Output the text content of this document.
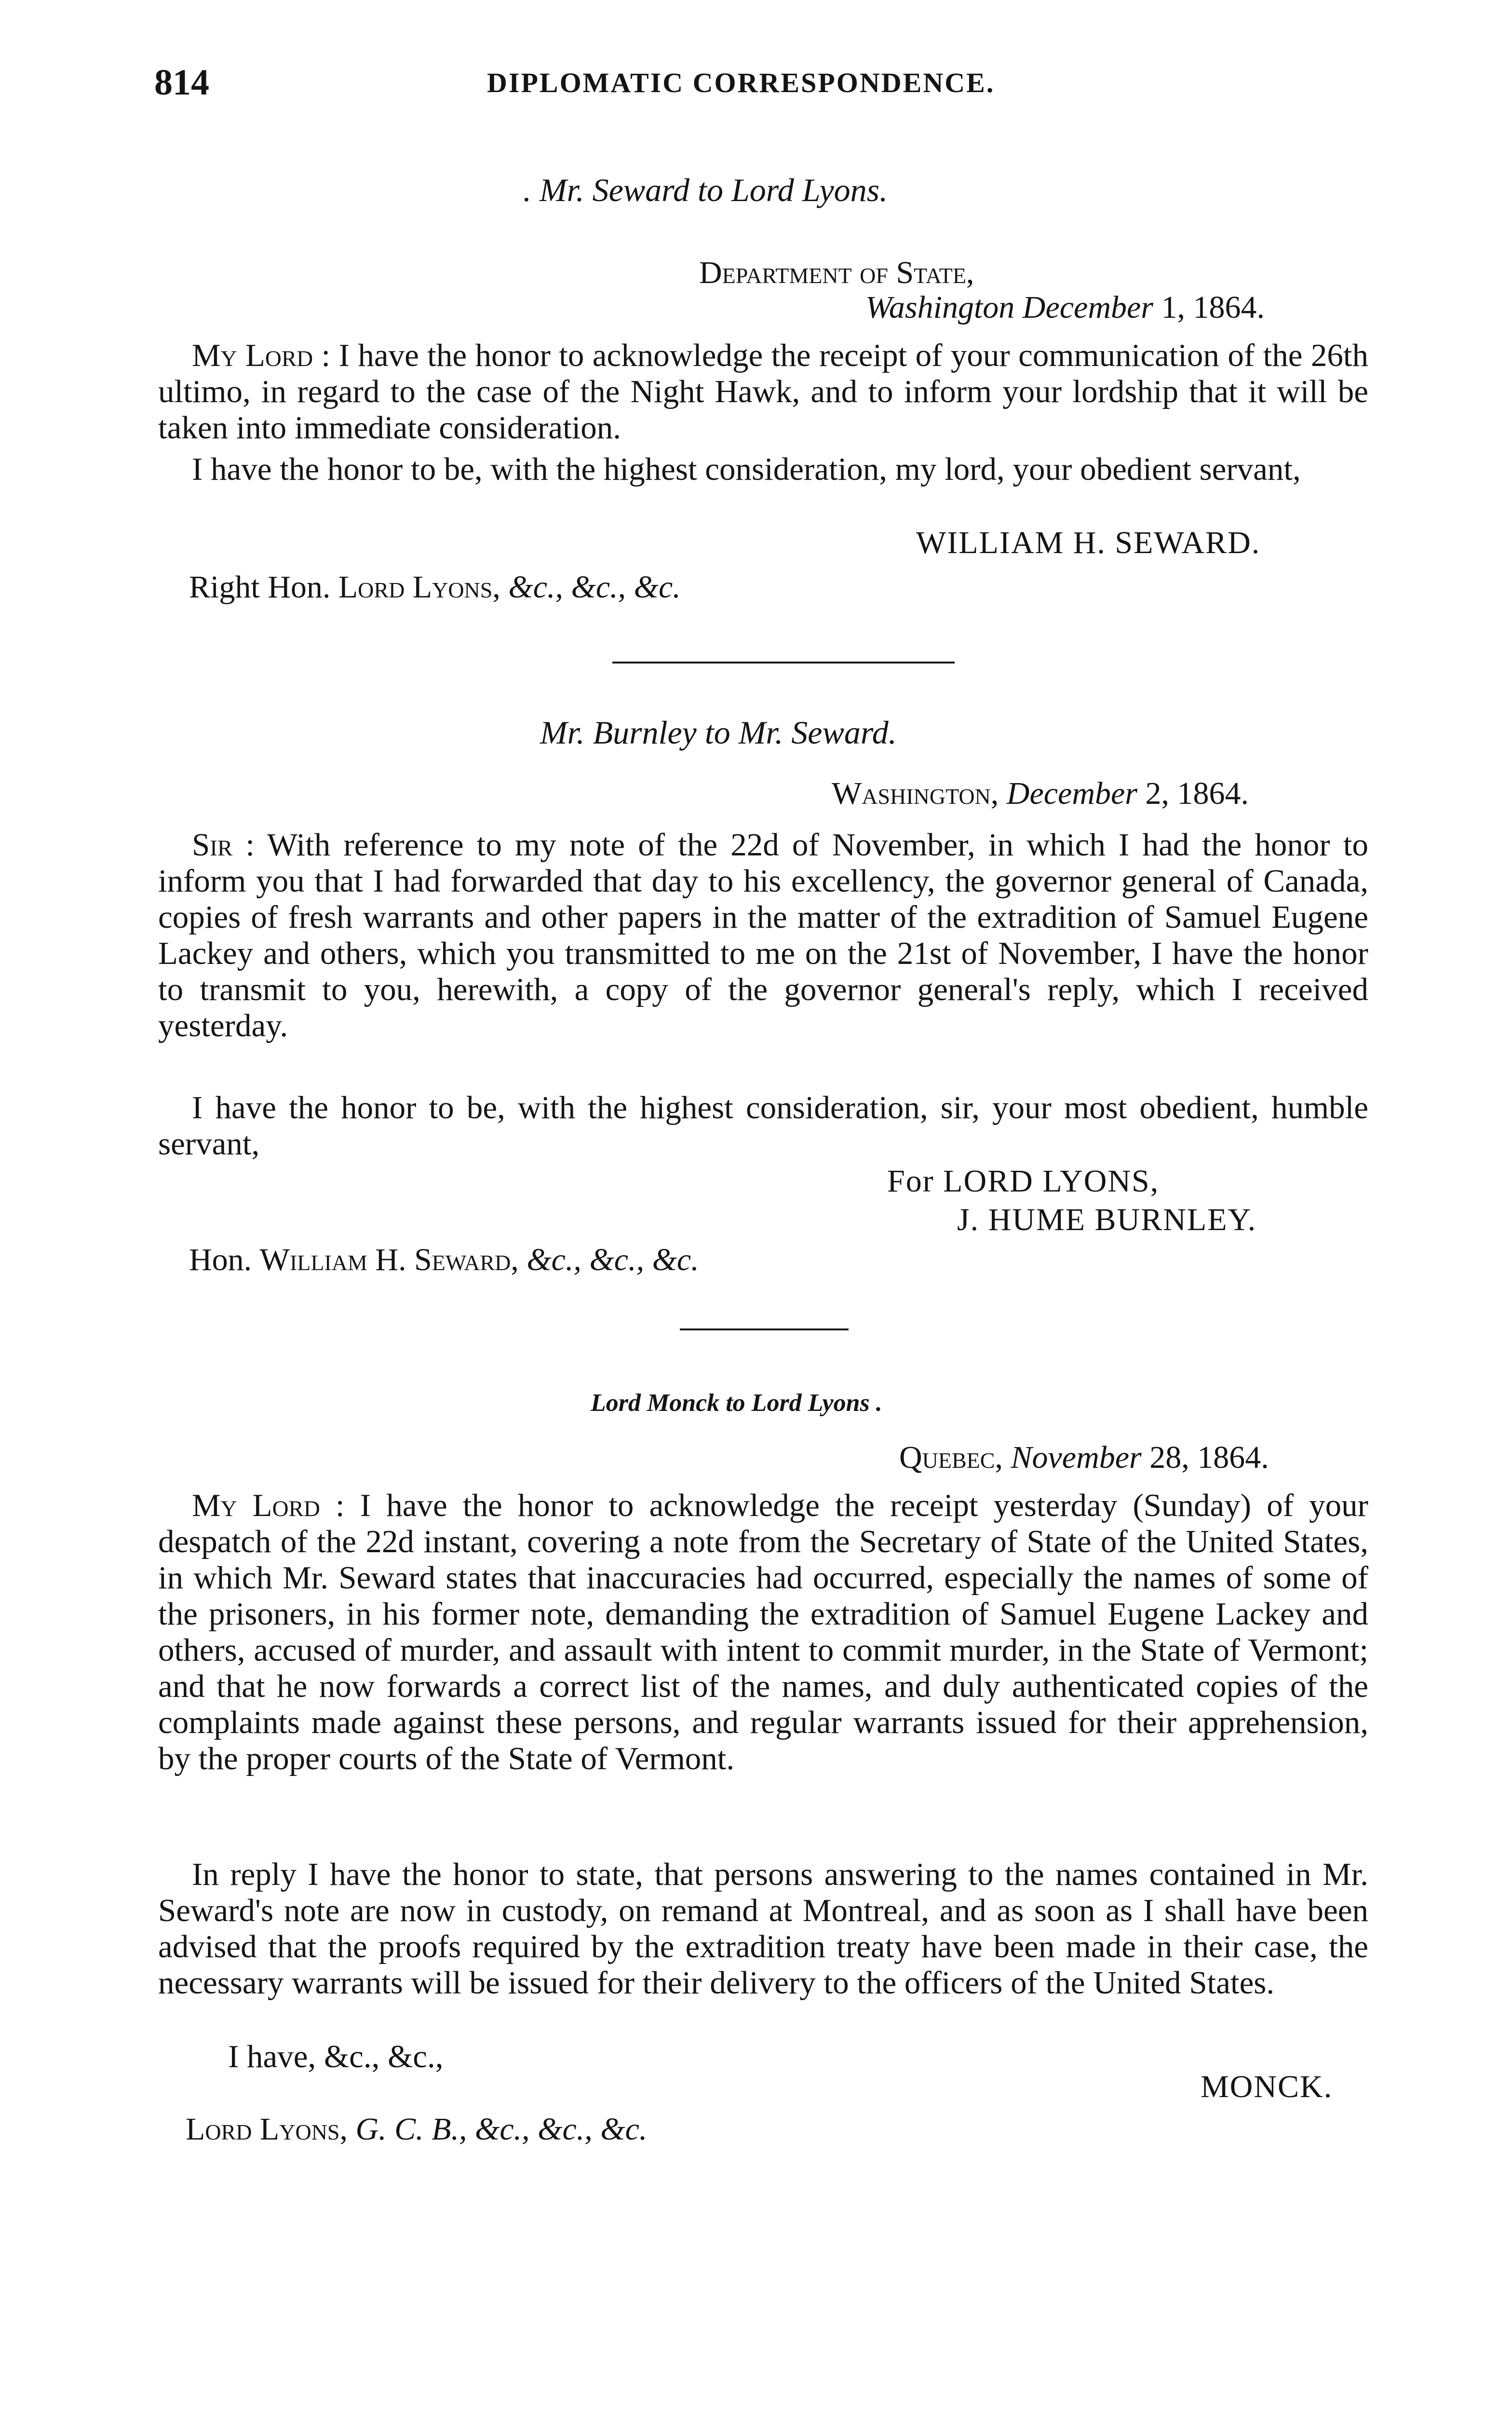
814	DIPLOMATIC CORRESPONDENCE.
. Mr. Seward to Lord Lyons.
Department of State,
Washington December 1, 1864.
My Lord : I have the honor to acknowledge the receipt of your communication of the 26th ultimo, in regard to the case of the Night Hawk, and to inform your lordship that it will be taken into immediate consideration.
I have the honor to be, with the highest consideration, my lord, your obedient servant,
WILLIAM H. SEWARD.
Right Hon. Lord Lyons, &c., &c., &c.
Mr. Burnley to Mr. Seward.
Washington, December 2, 1864.
Sir : With reference to my note of the 22d of November, in which I had the honor to inform you that I had forwarded that day to his excellency, the governor general of Canada, copies of fresh warrants and other papers in the matter of the extradition of Samuel Eugene Lackey and others, which you transmitted to me on the 21st of November, I have the honor to transmit to you, herewith, a copy of the governor general's reply, which I received yesterday.
I have the honor to be, with the highest consideration, sir, your most obedient, humble servant,
For LORD LYONS,
J. HUME BURNLEY.
Hon. William H. Seward, &c., &c., &c.
Lord Monck to Lord Lyons .
Quebec, November 28, 1864.
My Lord : I have the honor to acknowledge the receipt yesterday (Sunday) of your despatch of the 22d instant, covering a note from the Secretary of State of the United States, in which Mr. Seward states that inaccuracies had occurred, especially the names of some of the prisoners, in his former note, demanding the extradition of Samuel Eugene Lackey and others, accused of murder, and assault with intent to commit murder, in the State of Vermont; and that he now forwards a correct list of the names, and duly authenticated copies of the complaints made against these persons, and regular warrants issued for their apprehension, by the proper courts of the State of Vermont.
In reply I have the honor to state, that persons answering to the names contained in Mr. Seward's note are now in custody, on remand at Montreal, and as soon as I shall have been advised that the proofs required by the extradition treaty have been made in their case, the necessary warrants will be issued for their delivery to the officers of the United States.
I have, &c., &c.,
MONCK.
Lord Lyons, G. C. B., &c., &c., &c.
